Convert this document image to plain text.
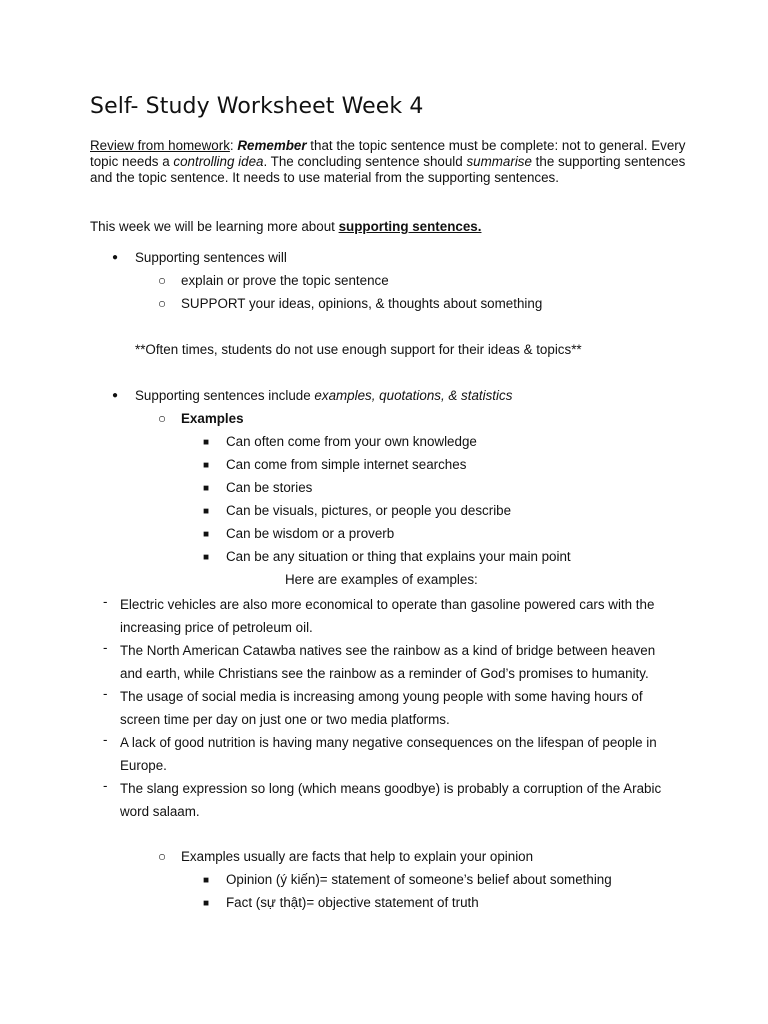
Self- Study Worksheet Week 4
Review from homework: Remember that the topic sentence must be complete: not to general. Every topic needs a controlling idea. The concluding sentence should summarise the supporting sentences and the topic sentence. It needs to use material from the supporting sentences.
This week we will be learning more about supporting sentences.
● Supporting sentences will
○ explain or prove the topic sentence
○ SUPPORT your ideas, opinions, & thoughts about something
**Often times, students do not use enough support for their ideas & topics**
● Supporting sentences include examples, quotations, & statistics
○ Examples
■ Can often come from your own knowledge
■ Can come from simple internet searches
■ Can be stories
■ Can be visuals, pictures, or people you describe
■ Can be wisdom or a proverb
■ Can be any situation or thing that explains your main point
Here are examples of examples:
- Electric vehicles are also more economical to operate than gasoline powered cars with the increasing price of petroleum oil.
- The North American Catawba natives see the rainbow as a kind of bridge between heaven and earth, while Christians see the rainbow as a reminder of God’s promises to humanity.
- The usage of social media is increasing among young people with some having hours of screen time per day on just one or two media platforms.
- A lack of good nutrition is having many negative consequences on the lifespan of people in Europe.
- The slang expression so long (which means goodbye) is probably a corruption of the Arabic word salaam.
○ Examples usually are facts that help to explain your opinion
■ Opinion (ý kiến)= statement of someone’s belief about something
■ Fact (sự thật)= objective statement of truth
